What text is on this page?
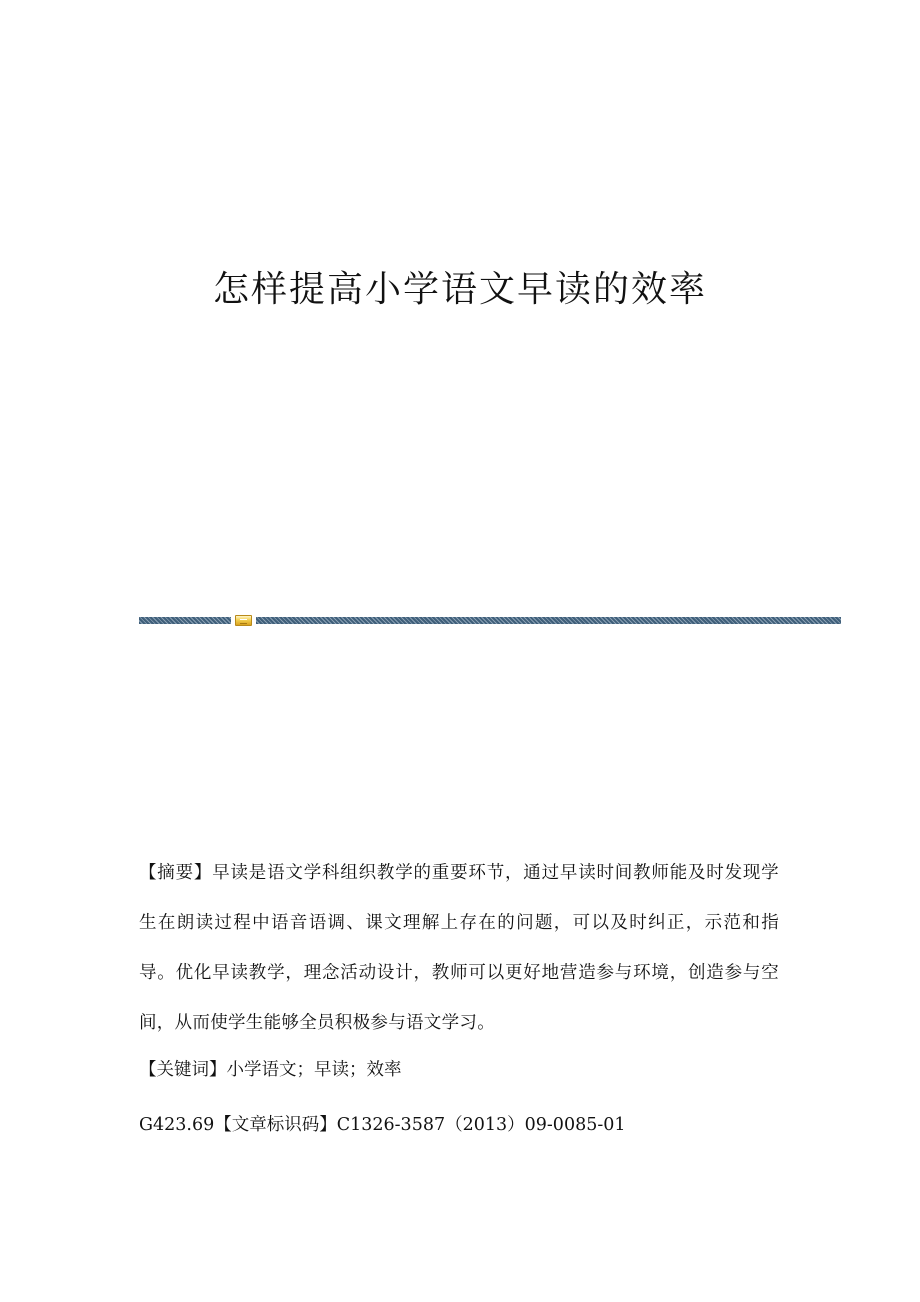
怎样提高小学语文早读的效率

【摘要】早读是语文学科组织教学的重要环节，通过早读时间教师能及时发现学生在朗读过程中语音语调、课文理解上存在的问题，可以及时纠正，示范和指导。优化早读教学，理念活动设计，教师可以更好地营造参与环境，创造参与空间，从而使学生能够全员积极参与语文学习。

【关键词】小学语文；早读；效率

G423.69【文章标识码】C1326-3587（2013）09-0085-01
